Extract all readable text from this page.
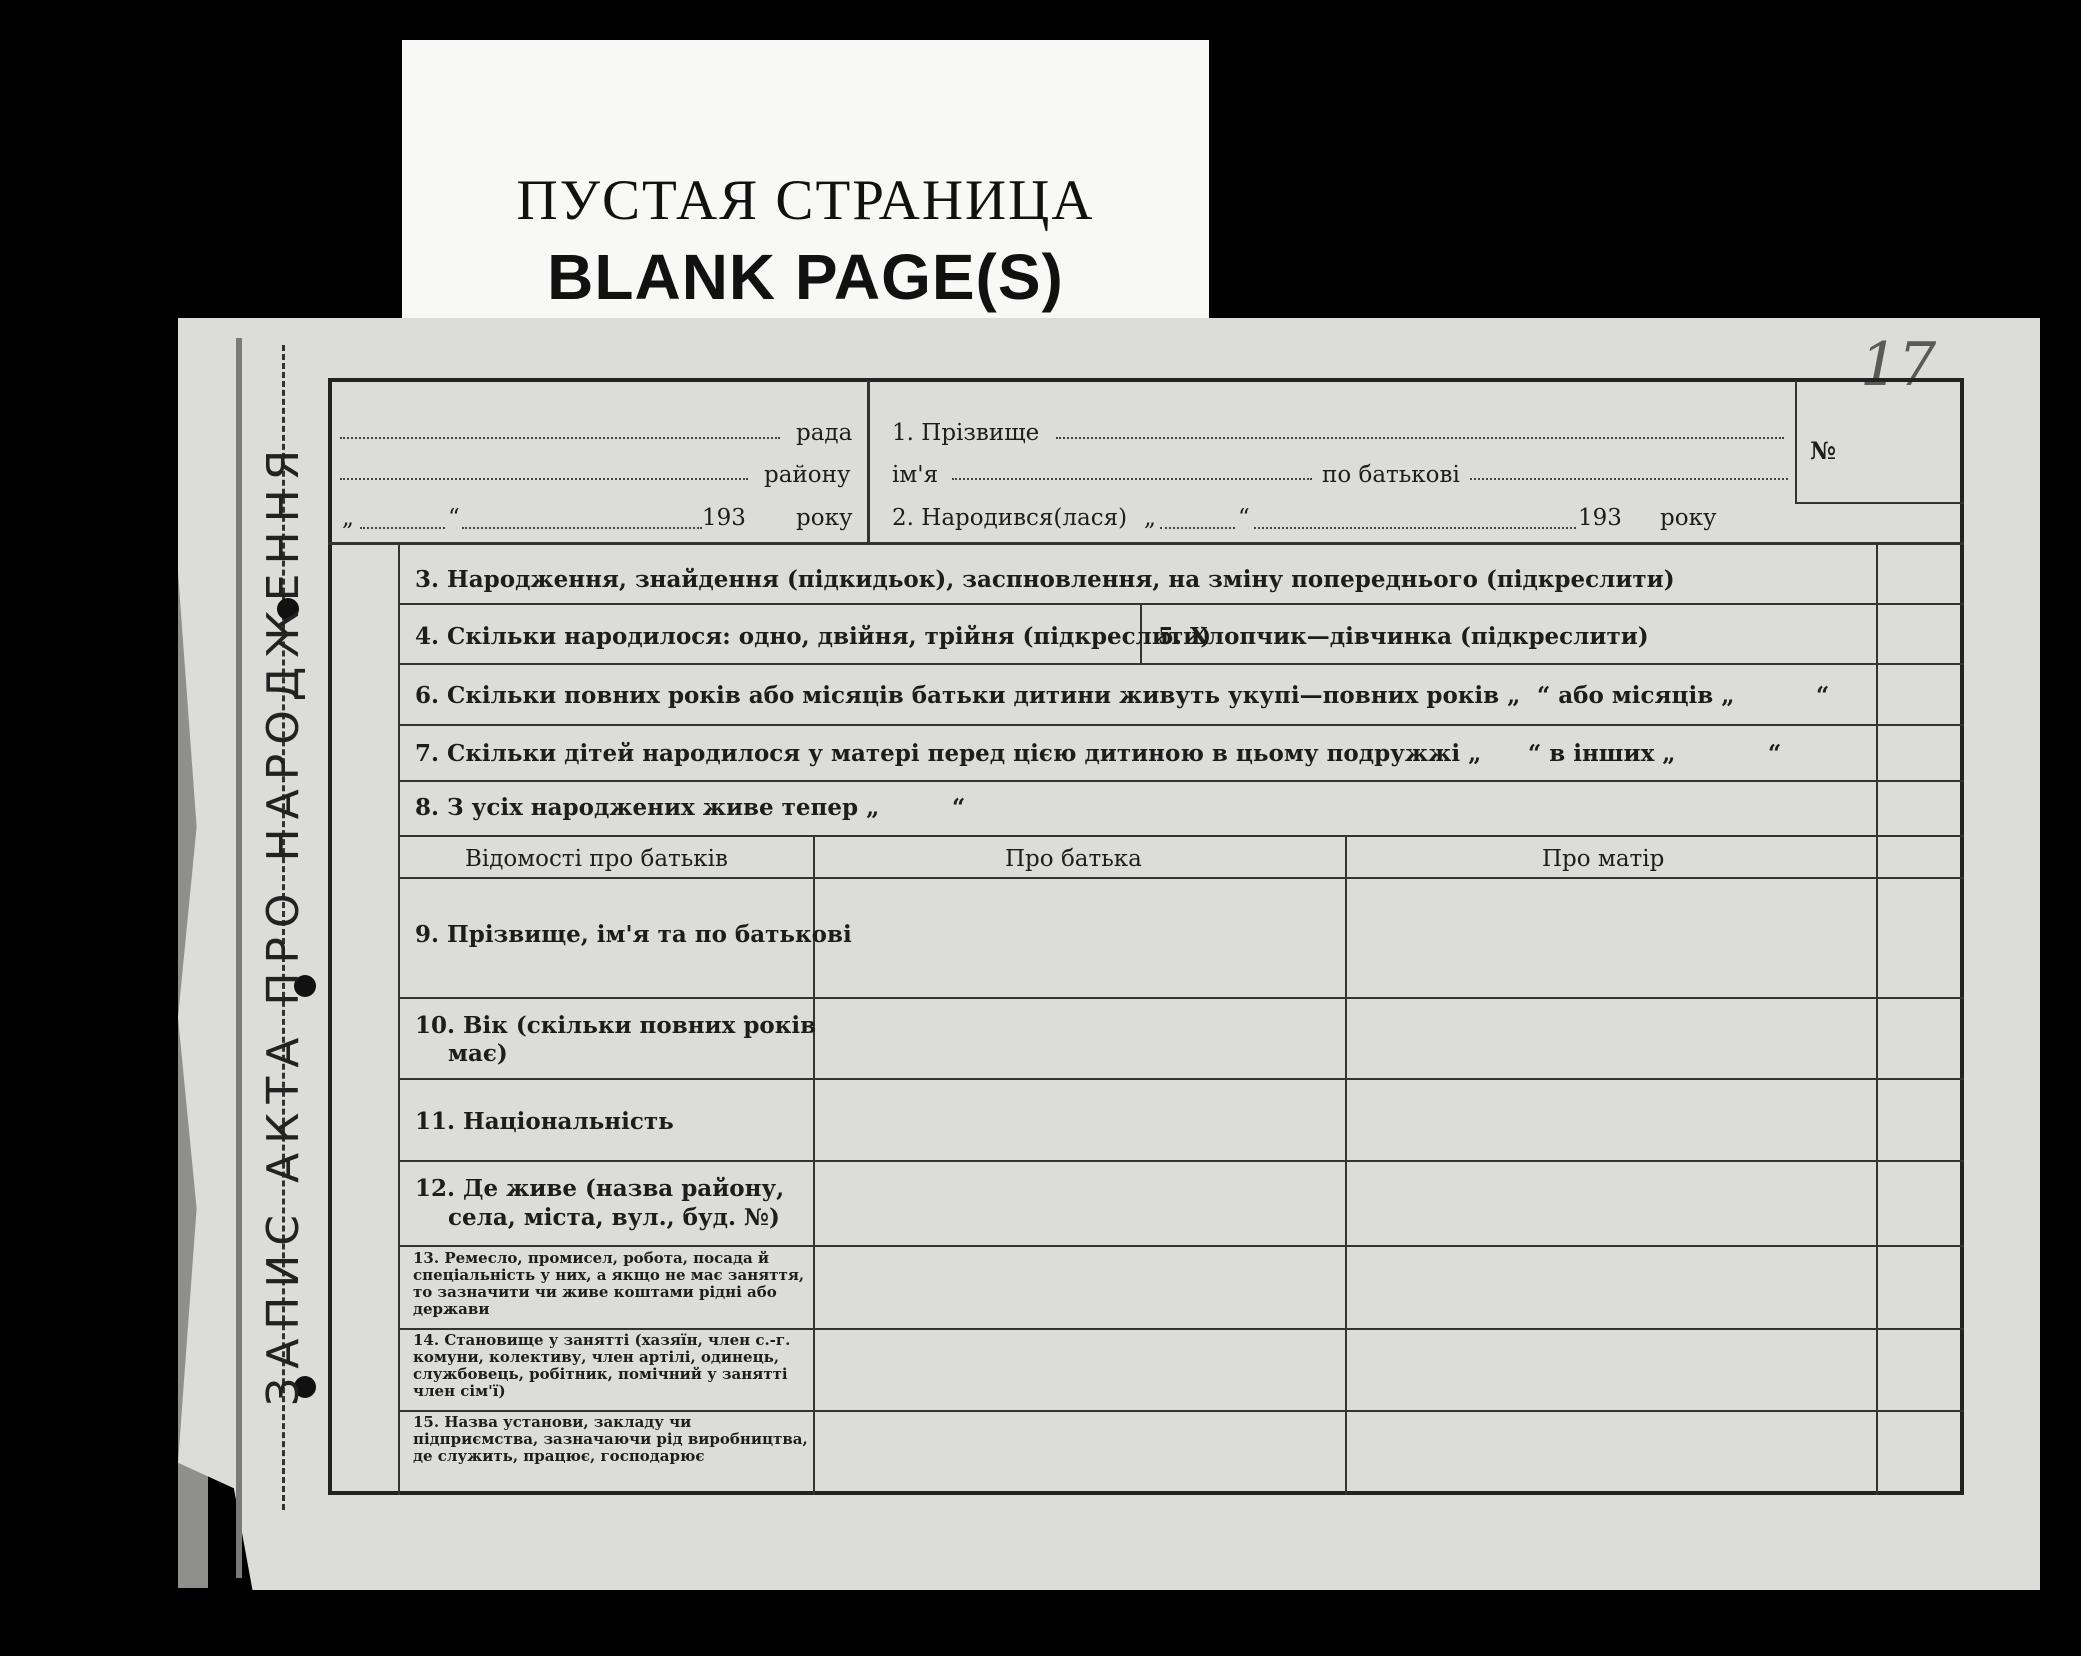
ПУСТАЯ СТРАНИЦА
BLANK PAGE(S)
17
ЗАПИС АКТА ПРО НАРОДЖЕННЯ
рада
району
„	“	193 року
1. Прізвище
ім'я	по батькові
2. Народився(лася) „	“	193 року
№
3. Народження, знайдення (підкидьок), заспновлення, на зміну попереднього (підкреслити)
4. Скільки народилося: одно, двійня, трійня (підкреслити)
5. Хлопчик—дівчинка (підкреслити)
6. Скільки повних років або місяців батьки дитини живуть укупі—повних років „ “ або місяців „	“
7. Скільки дітей народилося у матері перед цією дитиною в цьому подружжі „ “ в інших „	“
8. З усіх народжених живе тепер „	“
Відомості про батьків	Про батька	Про матір
9. Прізвище, ім'я та по батькові
10. Вік (скільки повних років
має)
11. Національність
12. Де живе (назва району,
села, міста, вул., буд. №)
13. Ремесло, промисел, робота, посада й спеціальність у них, а якщо не має заняття, то зазначити чи живе коштами рідні або держави
14. Становище у занятті (хазяїн, член с.-г. комуни, колективу, член артілі, одинець, службовець, робітник, помічний у занятті член сім'ї)
15. Назва установи, закладу чи підприємства, зазначаючи рід виробництва, де служить, працює, господарює
